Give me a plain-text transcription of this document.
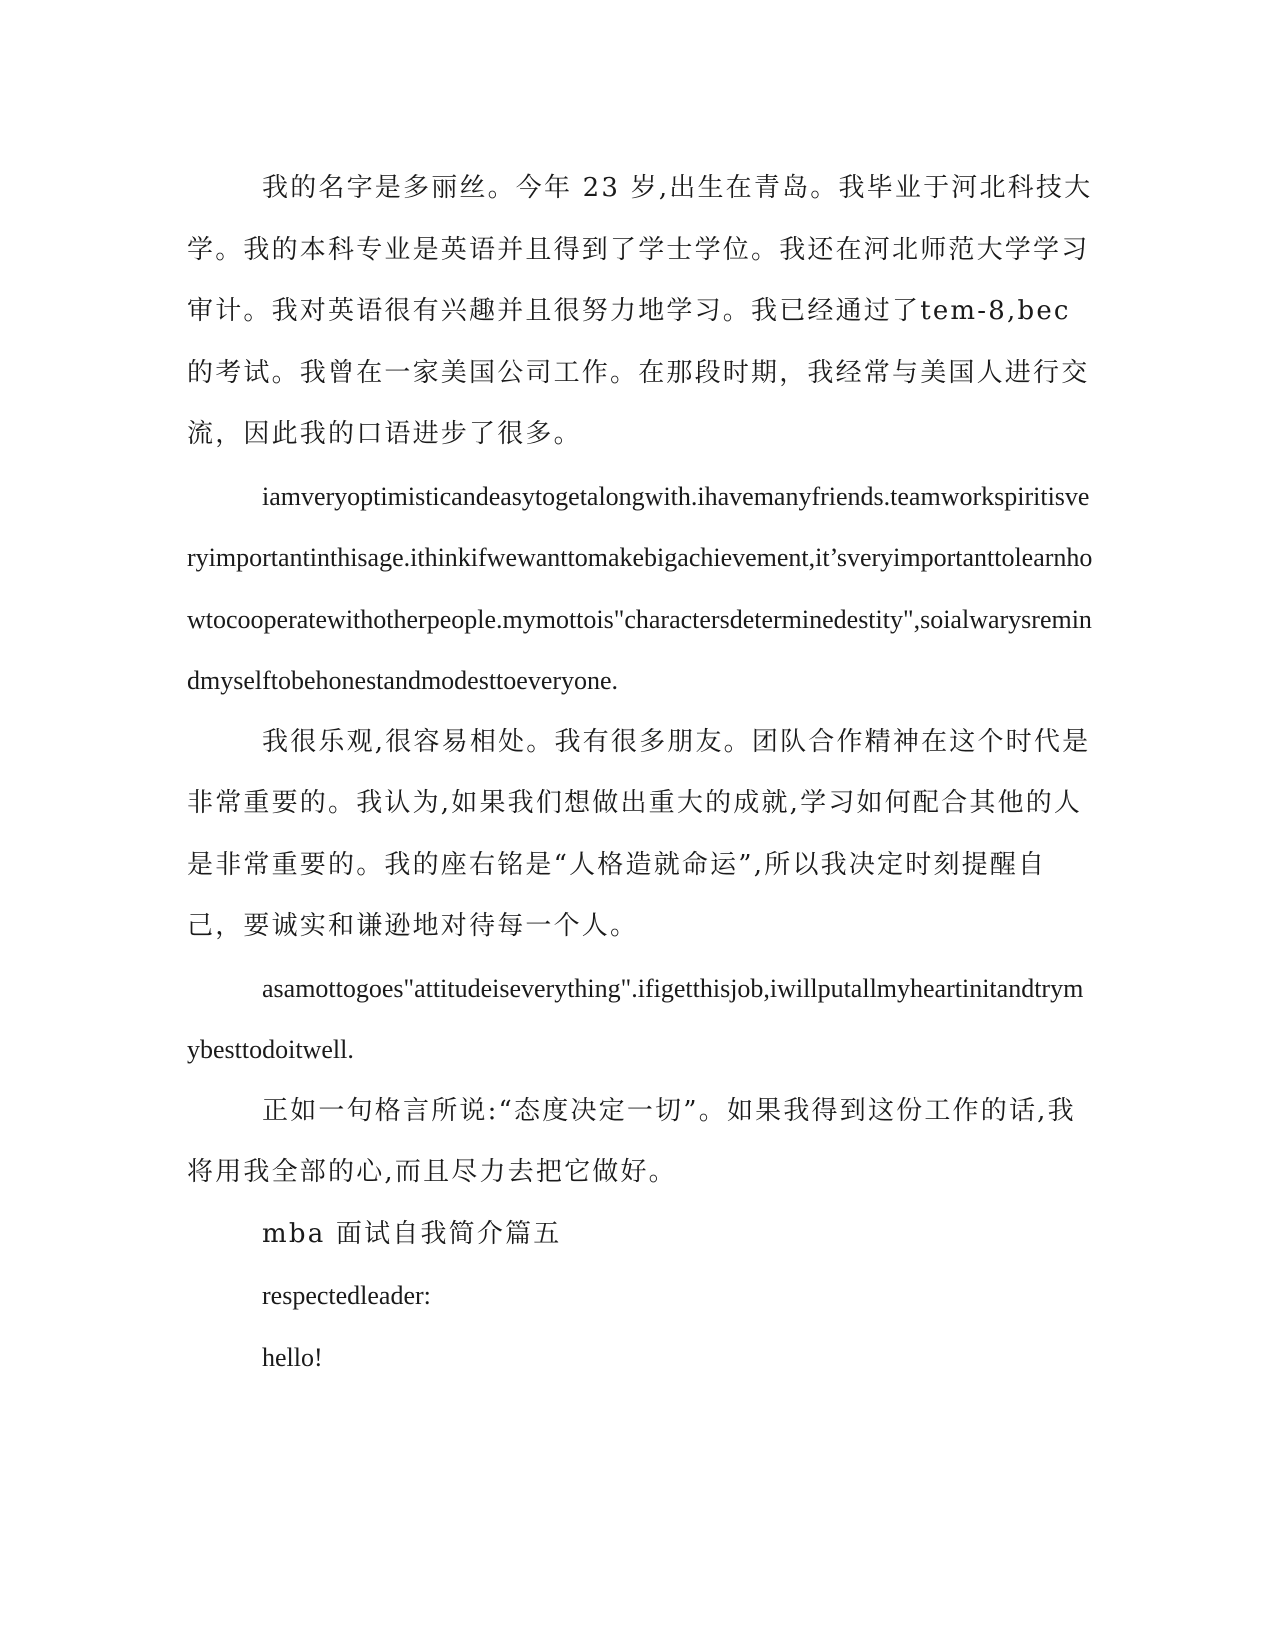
我的名字是多丽丝。今年 23 岁,出生在青岛。我毕业于河北科技大学。我的本科专业是英语并且得到了学士学位。我还在河北师范大学学习审计。我对英语很有兴趣并且很努力地学习。我已经通过了tem-8,bec 的考试。我曾在一家美国公司工作。在那段时期，我经常与美国人进行交流，因此我的口语进步了很多。

iamveryoptimisticandeasytogetalongwith.ihavemanyfriends.teamworkspiritisveryimportantinthisage.ithinkifwewanttomakebigachievement,it’sveryimportanttolearnhowtocooperatewithotherpeople.mymottois"charactersdeterminedestity",soialwarysremindmyselftobehonestandmodesttoeveryone.

我很乐观,很容易相处。我有很多朋友。团队合作精神在这个时代是非常重要的。我认为,如果我们想做出重大的成就,学习如何配合其他的人是非常重要的。我的座右铭是“人格造就命运”,所以我决定时刻提醒自己，要诚实和谦逊地对待每一个人。

asamottogoes"attitudeiseverything".ifigetthisjob,iwillputallmyheartinitandtrymybesttodoitwell.

正如一句格言所说:“态度决定一切”。如果我得到这份工作的话,我将用我全部的心,而且尽力去把它做好。

mba 面试自我简介篇五

respectedleader:

hello!
